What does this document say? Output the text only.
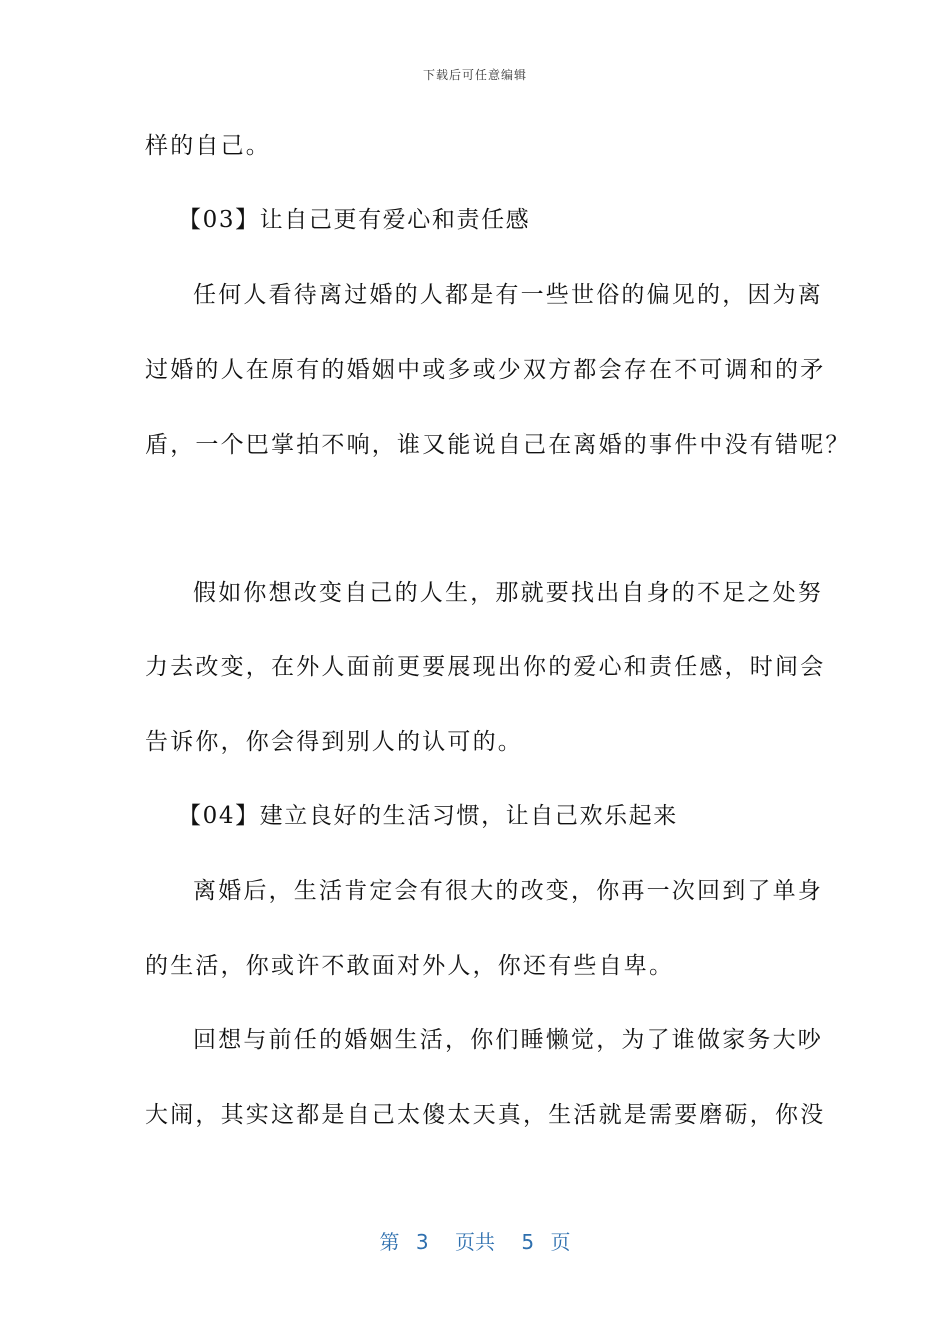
下载后可任意编辑
样的自己。
【03】让自己更有爱心和责任感
任何人看待离过婚的人都是有一些世俗的偏见的，因为离
过婚的人在原有的婚姻中或多或少双方都会存在不可调和的矛
盾，一个巴掌拍不响，谁又能说自己在离婚的事件中没有错呢？
假如你想改变自己的人生，那就要找出自身的不足之处努
力去改变，在外人面前更要展现出你的爱心和责任感，时间会
告诉你，你会得到别人的认可的。
【04】建立良好的生活习惯，让自己欢乐起来
离婚后，生活肯定会有很大的改变，你再一次回到了单身
的生活，你或许不敢面对外人，你还有些自卑。
回想与前任的婚姻生活，你们睡懒觉，为了谁做家务大吵
大闹，其实这都是自己太傻太天真，生活就是需要磨砺，你没
第 3 页共 5 页
